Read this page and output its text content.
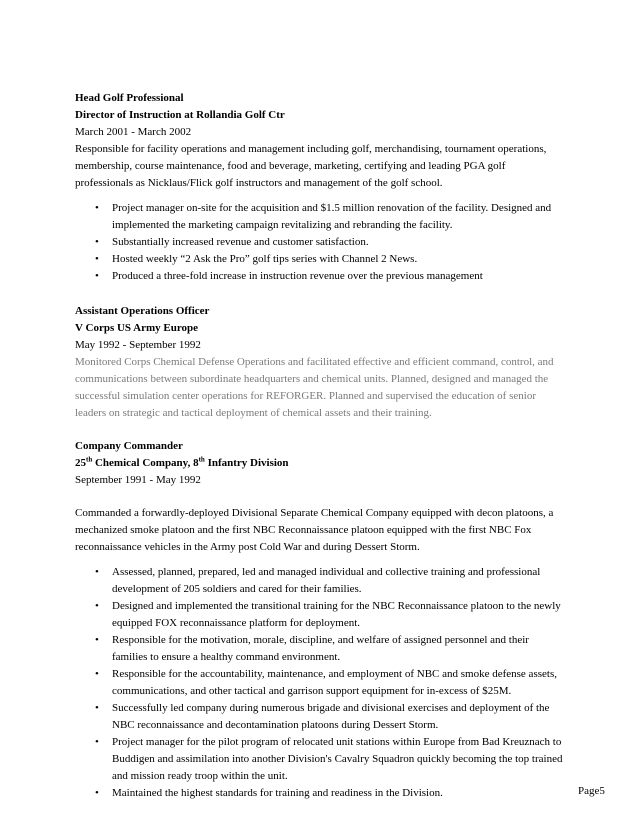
Head Golf Professional
Director of Instruction at Rollandia Golf Ctr
March 2001 - March 2002
Responsible for facility operations and management including golf, merchandising, tournament operations, membership, course maintenance, food and beverage, marketing, certifying and leading PGA golf professionals as Nicklaus/Flick golf instructors and management of the golf school.
• Project manager on-site for the acquisition and $1.5 million renovation of the facility. Designed and implemented the marketing campaign revitalizing and rebranding the facility.
• Substantially increased revenue and customer satisfaction.
• Hosted weekly “2 Ask the Pro” golf tips series with Channel 2 News.
• Produced a three-fold increase in instruction revenue over the previous management
Assistant Operations Officer
V Corps US Army Europe
May 1992 - September 1992
Monitored Corps Chemical Defense Operations and facilitated effective and efficient command, control, and communications between subordinate headquarters and chemical units. Planned, designed and managed the successful simulation center operations for REFORGER. Planned and supervised the education of senior leaders on strategic and tactical deployment of chemical assets and their training.
Company Commander
25th Chemical Company, 8th Infantry Division
September 1991 - May 1992
Commanded a forwardly-deployed Divisional Separate Chemical Company equipped with decon platoons, a mechanized smoke platoon and the first NBC Reconnaissance platoon equipped with the first NBC Fox reconnaissance vehicles in the Army post Cold War and during Dessert Storm.
• Assessed, planned, prepared, led and managed individual and collective training and professional development of 205 soldiers and cared for their families.
• Designed and implemented the transitional training for the NBC Reconnaissance platoon to the newly equipped FOX reconnaissance platform for deployment.
• Responsible for the motivation, morale, discipline, and welfare of assigned personnel and their families to ensure a healthy command environment.
• Responsible for the accountability, maintenance, and employment of NBC and smoke defense assets, communications, and other tactical and garrison support equipment for in-excess of $25M.
• Successfully led company during numerous brigade and divisional exercises and deployment of the NBC reconnaissance and decontamination platoons during Dessert Storm.
• Project manager for the pilot program of relocated unit stations within Europe from Bad Kreuznach to Buddigen and assimilation into another Division's Cavalry Squadron quickly becoming the top trained and mission ready troop within the unit.
• Maintained the highest standards for training and readiness in the Division.	Page5
